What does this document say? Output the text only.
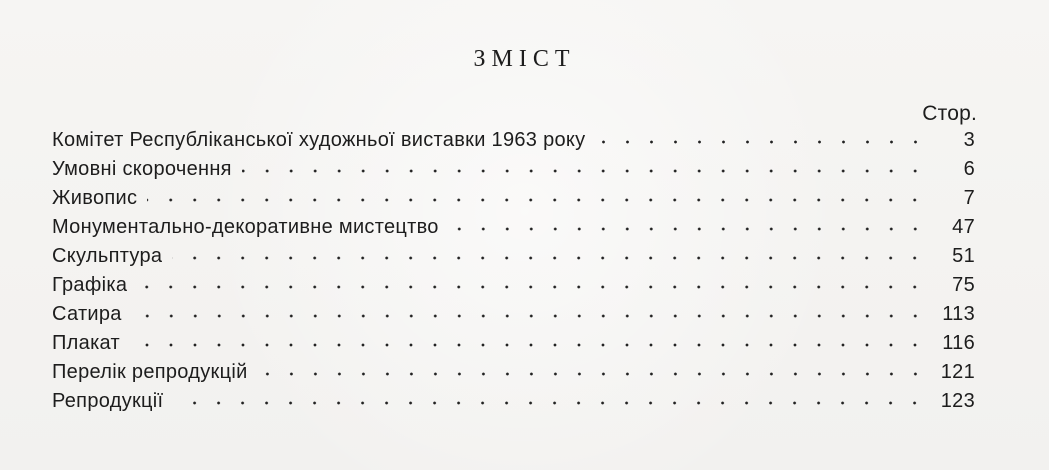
ЗМІСТ
Стор.
Комітет Республіканської художньої виставки 1963 року	3
Умовні скорочення	6
Живопис	7
Монументально-декоративне мистецтво	47
Скульптура	51
Графіка	75
Сатира	113
Плакат	116
Перелік репродукцій	121
Репродукції	123
